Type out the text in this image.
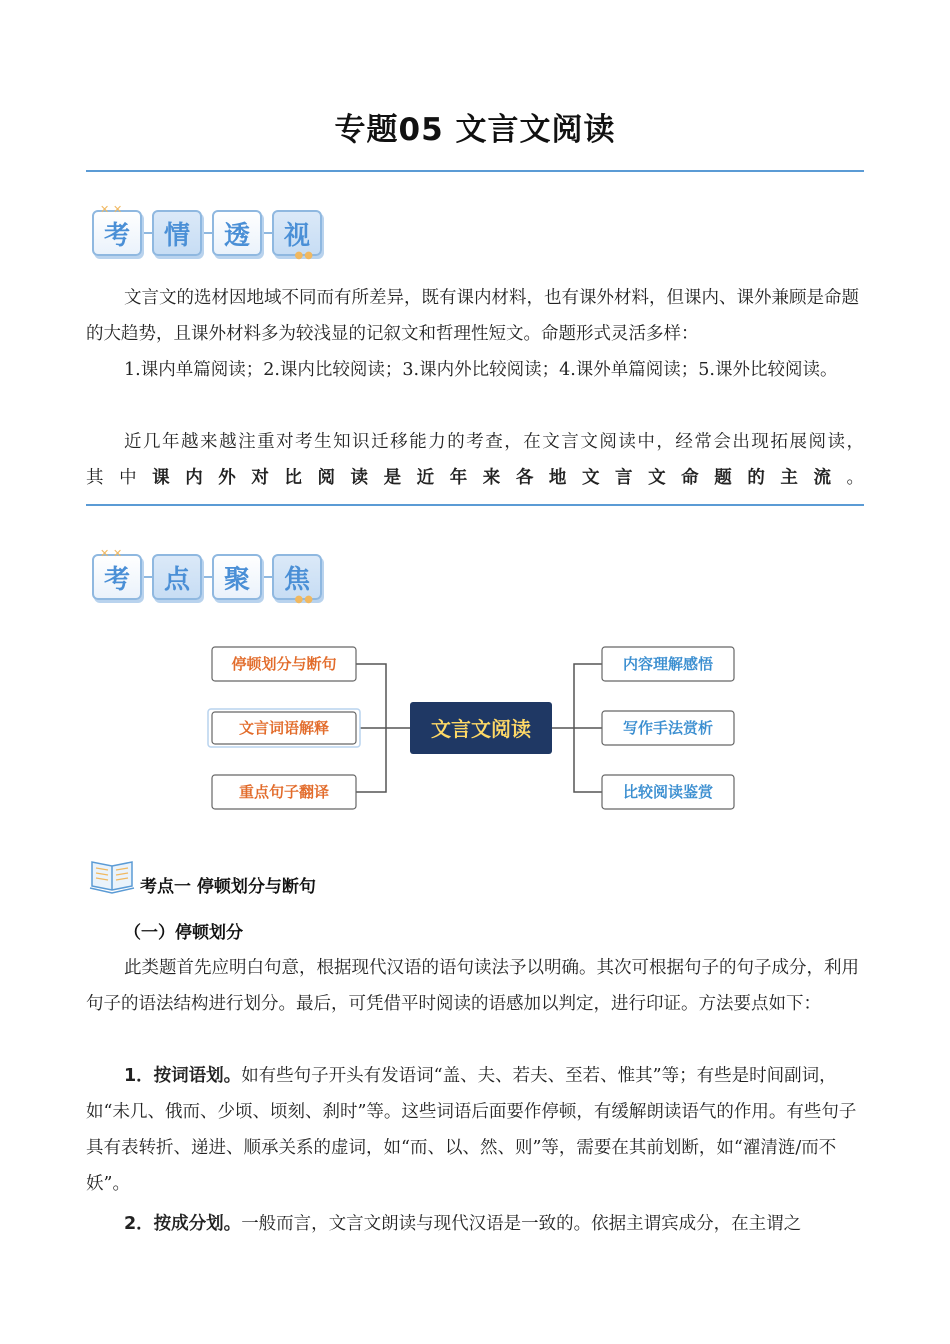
专题05 文言文阅读
✕ ✕
考 情 透 视
●●

文言文的选材因地域不同而有所差异，既有课内材料，也有课外材料，但课内、课外兼顾是命题的大趋势，且课外材料多为较浅显的记叙文和哲理性短文。命题形式灵活多样：

1.课内单篇阅读；2.课内比较阅读；3.课内外比较阅读；4.课外单篇阅读；5.课外比较阅读。

近几年越来越注重对考生知识迁移能力的考查，在文言文阅读中，经常会出现拓展阅读，
其中课内外对比阅读是近年来各地文言文命题的主流。
✕ ✕
考 点 聚 焦
●●
停顿划分与断句
文言词语解释
重点句子翻译
文言文阅读
内容理解感悟
写作手法赏析
比较阅读鉴赏
考点一 停顿划分与断句
（一）停顿划分

此类题首先应明白句意，根据现代汉语的语句读法予以明确。其次可根据句子的句子成分，利用句子的语法结构进行划分。最后，可凭借平时阅读的语感加以判定，进行印证。方法要点如下：

1．按词语划。如有些句子开头有发语词“盖、夫、若夫、至若、惟其”等；有些是时间副词，如“未几、俄而、少顷、顷刻、刹时”等。这些词语后面要作停顿，有缓解朗读语气的作用。有些句子具有表转折、递进、顺承关系的虚词，如“而、以、然、则”等，需要在其前划断，如“濯清涟/而不妖”。

2．按成分划。一般而言，文言文朗读与现代汉语是一致的。依据主谓宾成分，在主谓之
